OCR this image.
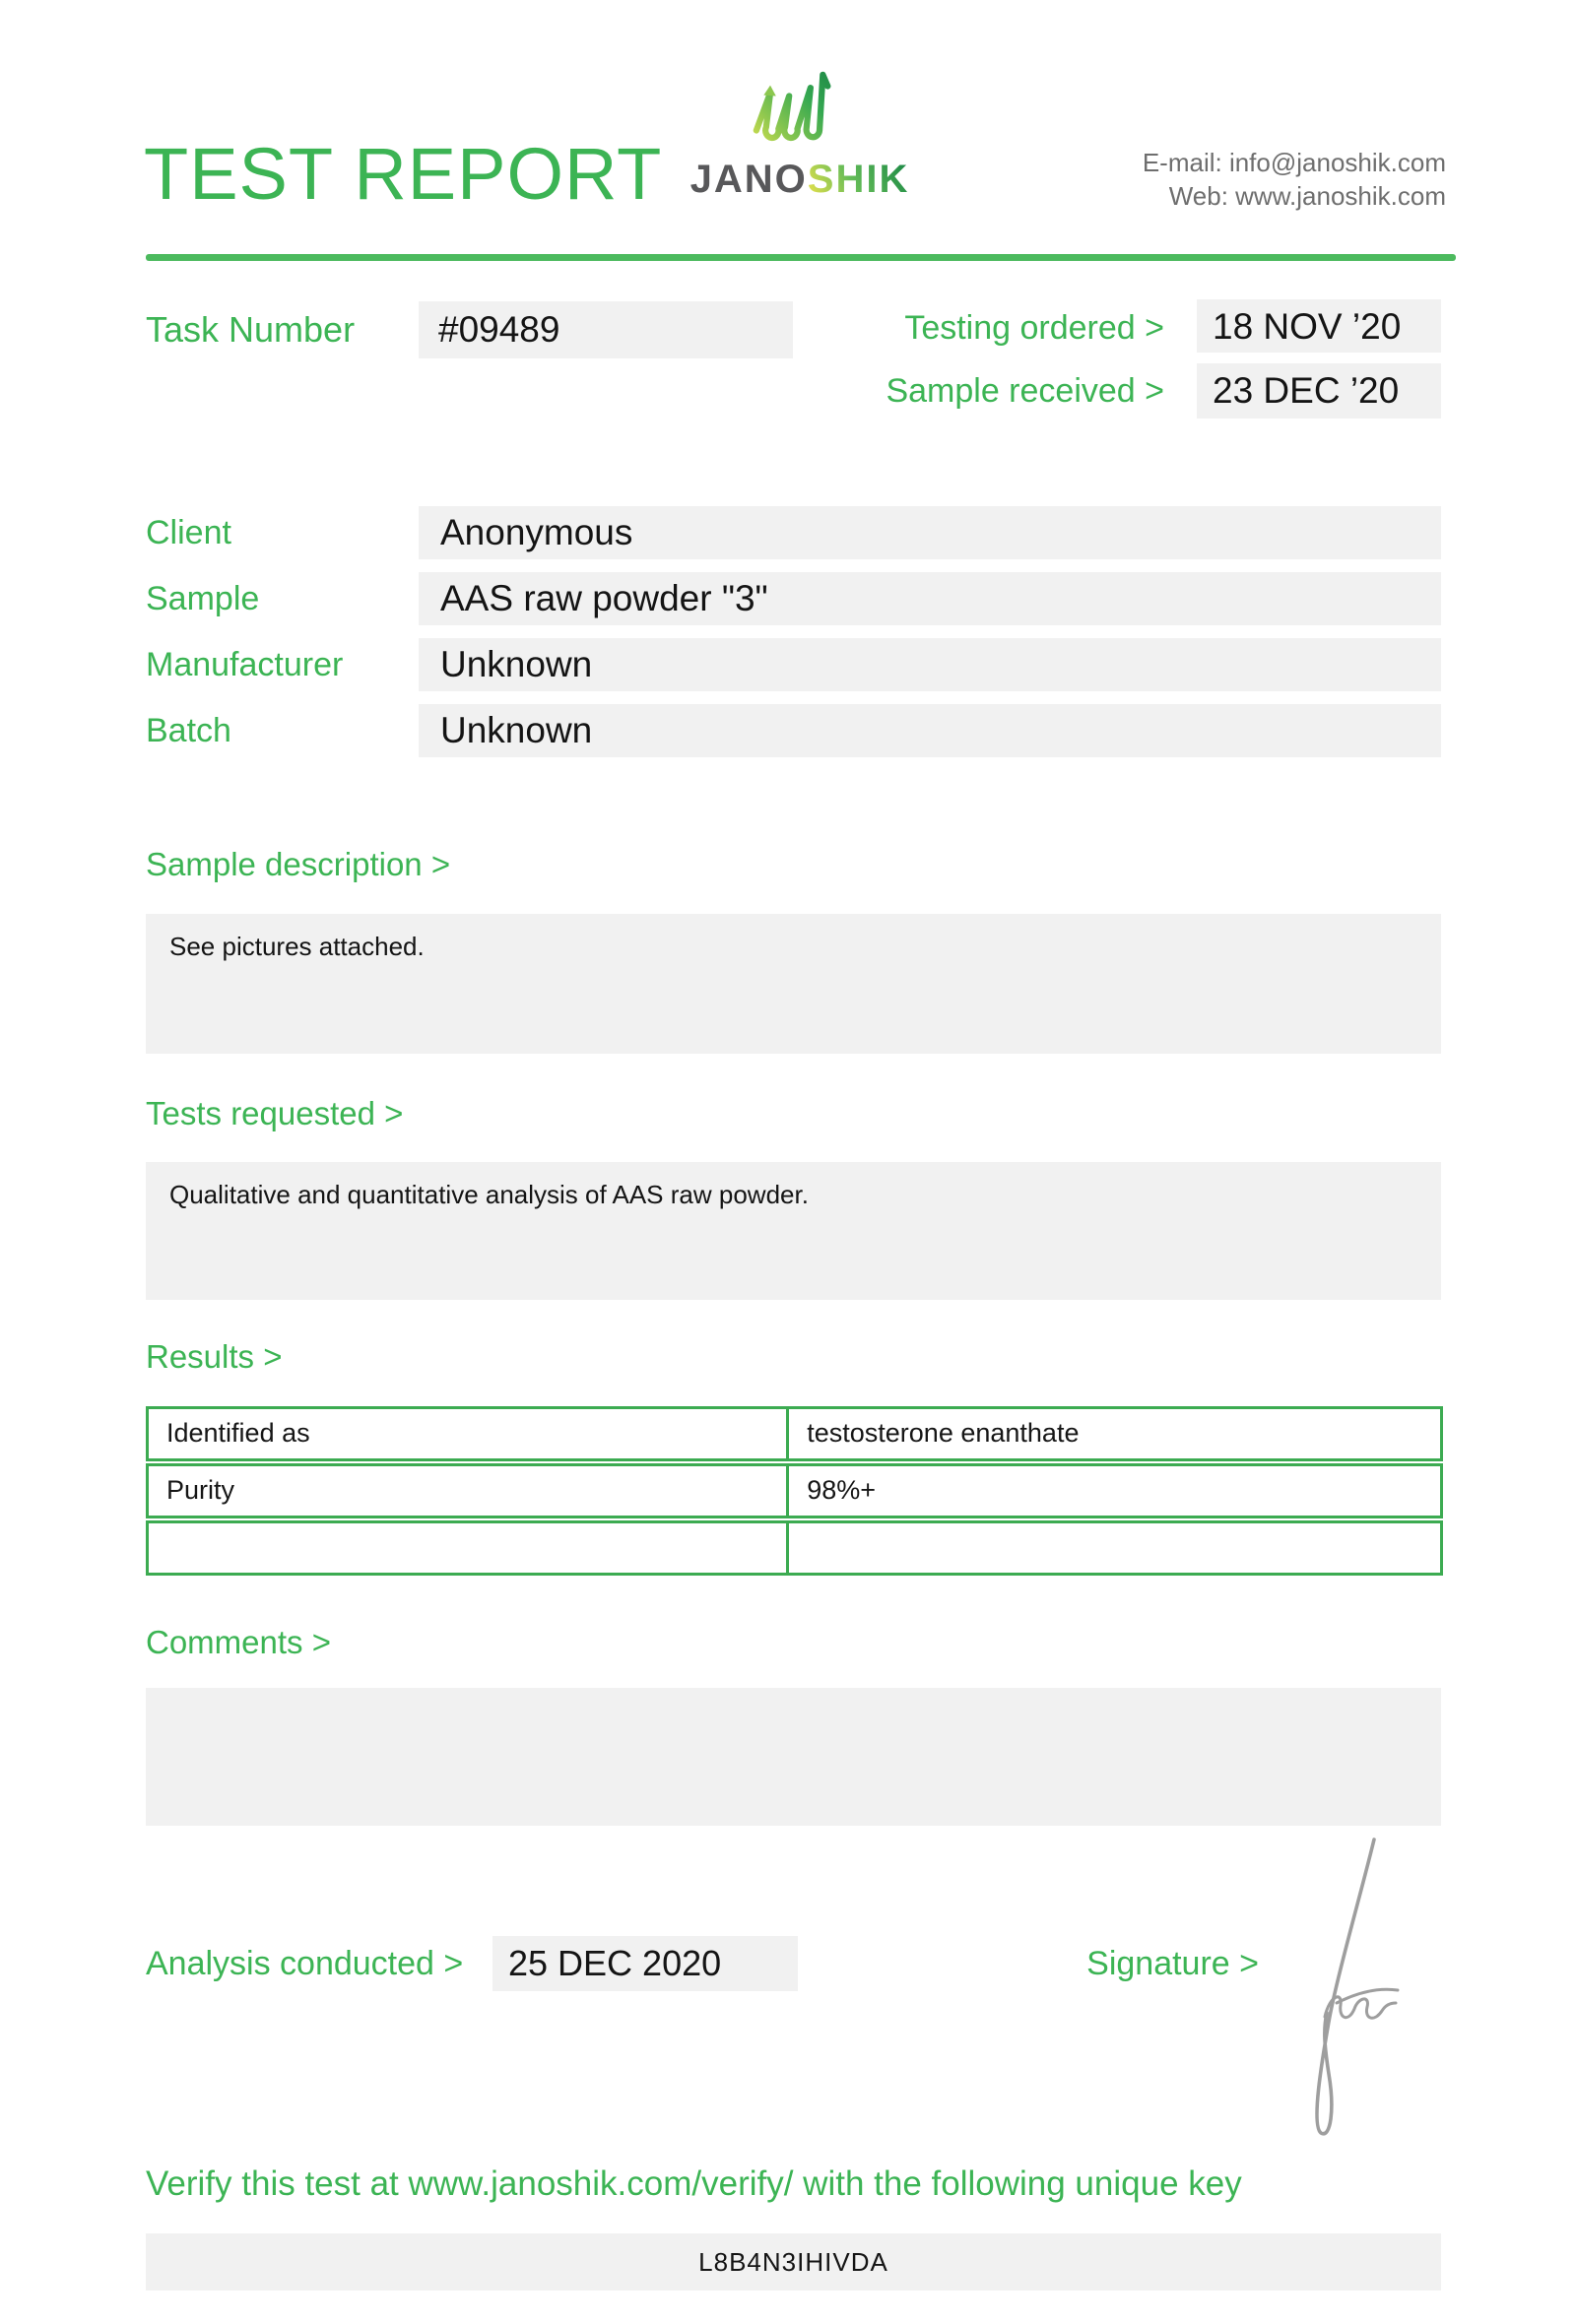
TEST REPORT JANOSHIK	E-mail: info@janoshik.com
Web: www.janoshik.com
Task Number	#09489	Testing ordered >	18 NOV ’20
Sample received >	23 DEC ’20
Client	Anonymous
Sample	AAS raw powder "3"
Manufacturer	Unknown
Batch	Unknown
Sample description >
See pictures attached.
Tests requested >
Qualitative and quantitative analysis of AAS raw powder.
Results >
Identified as	testosterone enanthate
Purity	98%+
Comments >
Analysis conducted >	25 DEC 2020	Signature >
Verify this test at www.janoshik.com/verify/ with the following unique key
L8B4N3IHIVDA
